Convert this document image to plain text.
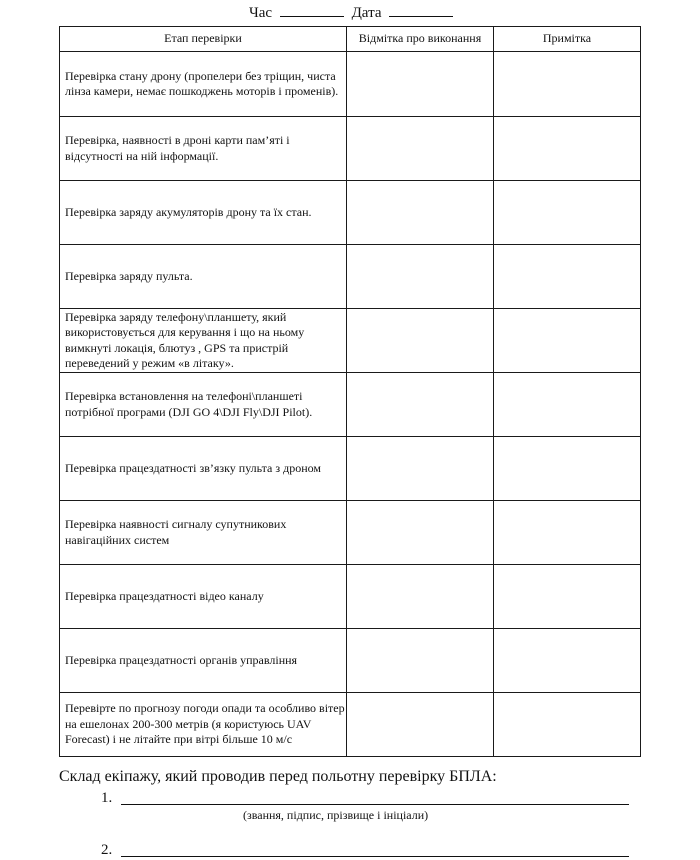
Час	Дата
Етап перевірки	Відмітка про виконання	Примітка
Перевірка стану дрону (пропелери без тріщин, чиста лінза камери, немає пошкоджень моторів і променів).		
Перевірка, наявності в дроні карти пам’яті і відсутності на ній інформації.		
Перевірка заряду акумуляторів дрону та їх стан.		
Перевірка заряду пульта.		
Перевірка заряду телефону\планшету, який використовується для керування і що на ньому вимкнуті локація, блютуз , GPS та пристрій переведений у режим «в літаку».		
Перевірка встановлення на телефоні\планшеті потрібної програми (DJI GO 4\DJI Fly\DJI Pilot).		
Перевірка працездатності зв’язку пульта з дроном		
Перевірка наявності сигналу супутникових навігаційних систем		
Перевірка працездатності відео каналу		
Перевірка працездатності органів управління		
Перевірте по прогнозу погоди опади та особливо вітер на ешелонах 200-300 метрів (я користуюсь UAV Forecast) і не літайте при вітрі більше 10 м/с		
Склад екіпажу, який проводив перед польотну перевірку БПЛА:
1.
(звання, підпис, прізвище і ініціали)
2.
